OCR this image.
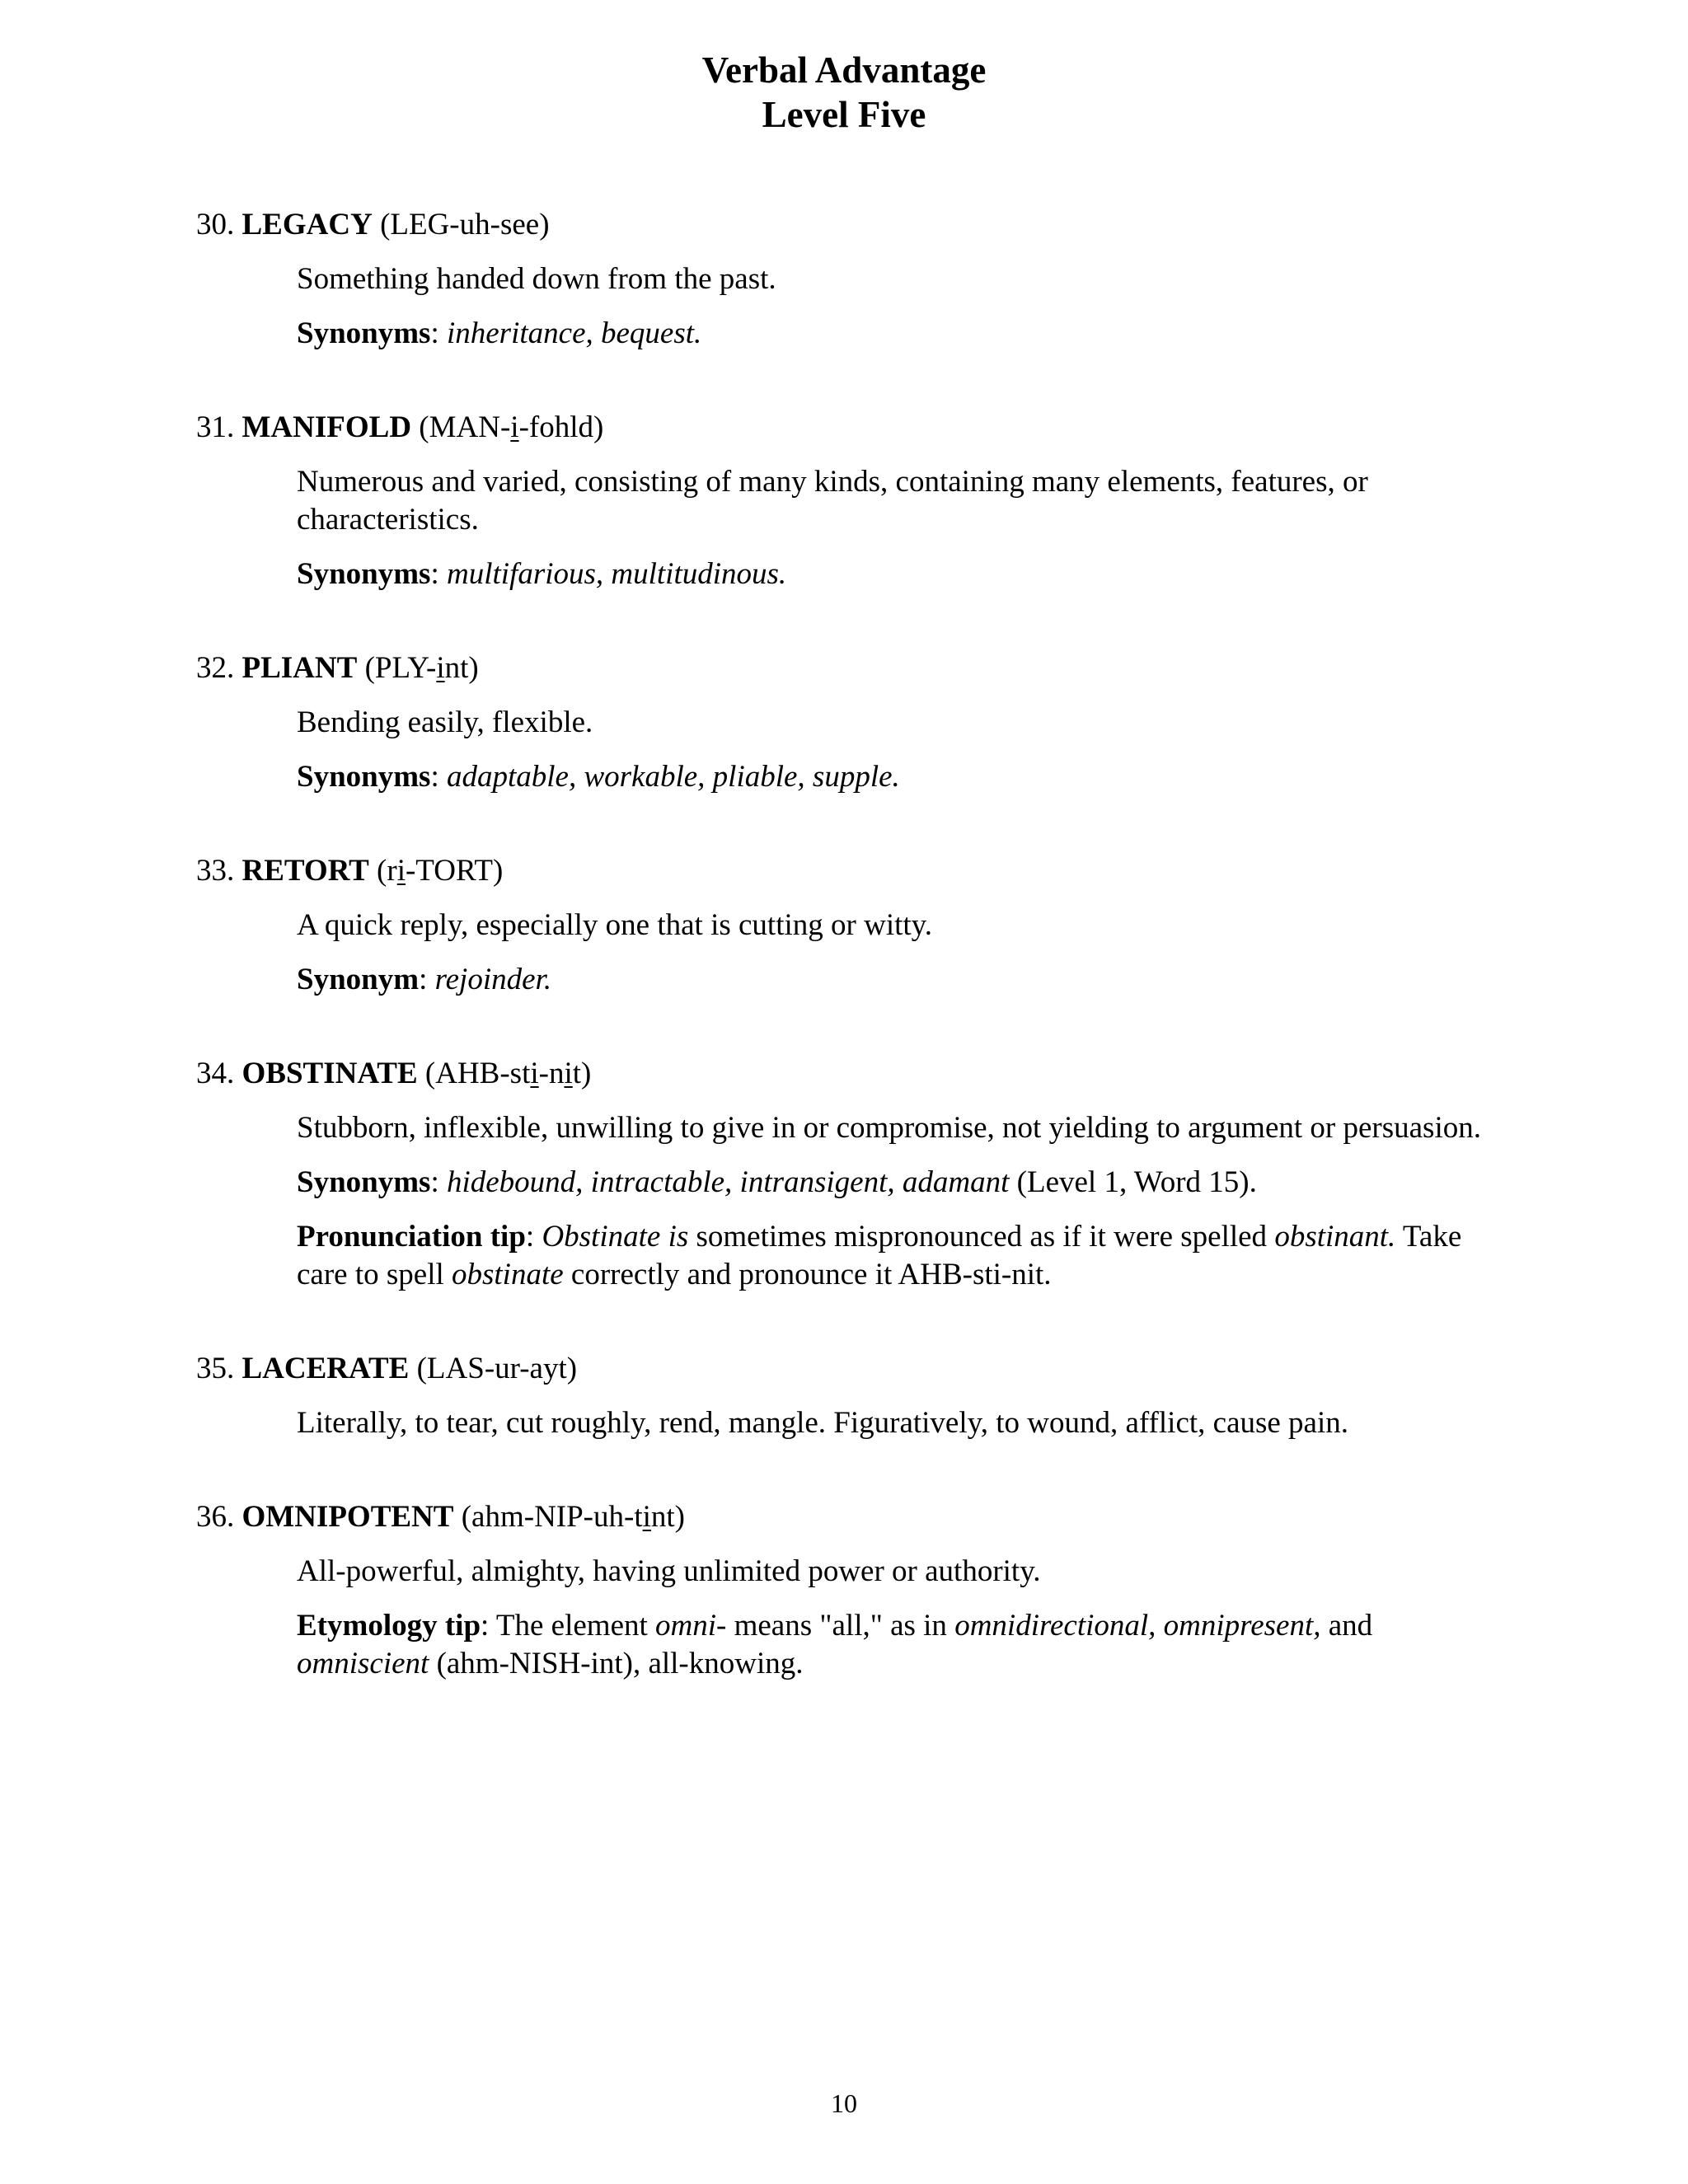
Verbal Advantage
Level Five
30. LEGACY (LEG-uh-see)

Something handed down from the past.

Synonyms: inheritance, bequest.

31. MANIFOLD (MAN-i-fohld)

Numerous and varied, consisting of many kinds, containing many elements, features, or characteristics.

Synonyms: multifarious, multitudinous.

32. PLIANT (PLY-int)

Bending easily, flexible.

Synonyms: adaptable, workable, pliable, supple.

33. RETORT (ri-TORT)

A quick reply, especially one that is cutting or witty.

Synonym: rejoinder.

34. OBSTINATE (AHB-sti-nit)

Stubborn, inflexible, unwilling to give in or compromise, not yielding to argument or persuasion.

Synonyms: hidebound, intractable, intransigent, adamant (Level 1, Word 15).

Pronunciation tip: Obstinate is sometimes mispronounced as if it were spelled obstinant. Take care to spell obstinate correctly and pronounce it AHB-sti-nit.

35. LACERATE (LAS-ur-ayt)

Literally, to tear, cut roughly, rend, mangle. Figuratively, to wound, afflict, cause pain.

36. OMNIPOTENT (ahm-NIP-uh-tint)

All-powerful, almighty, having unlimited power or authority.

Etymology tip: The element omni- means "all," as in omnidirectional, omnipresent, and omniscient (ahm-NISH-int), all-knowing.

10
